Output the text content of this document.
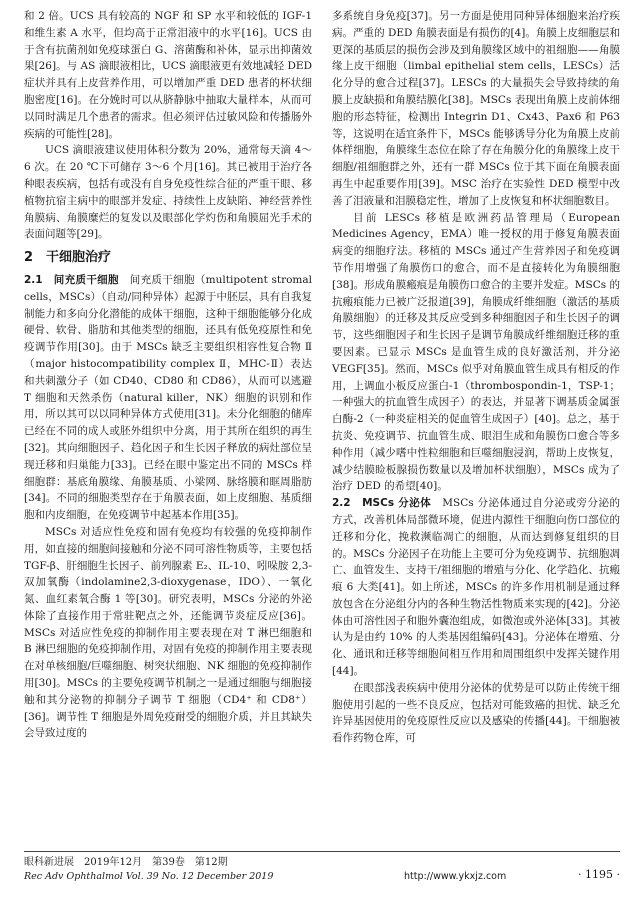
和 2 倍。UCS 具有较高的 NGF 和 SP 水平和较低的 IGF-1 和维生素 A 水平，但均高于正常泪液中的水平[16]。UCS 由于含有抗菌剂如免疫球蛋白 G、溶菌酶和补体，显示出抑菌效果[26]。与 AS 滴眼液相比，UCS 滴眼液更有效地减轻 DED 症状并具有上皮营养作用，可以增加严重 DED 患者的杯状细胞密度[16]。在分娩时可以从脐静脉中抽取大量样本，从而可以同时满足几个患者的需求。但必须评估过敏风险和传播肠外疾病的可能性[28]。

UCS 滴眼液建议使用体积分数为 20%，通常每天滴 4～6 次。在 20 ℃下可储存 3～6 个月[16]。其已被用于治疗各种眼表疾病，包括有或没有自身免疫性综合征的严重干眼、移植物抗宿主病中的眼部并发症、持续性上皮缺陷、神经营养性角膜病、角膜糜烂的复发以及眼部化学灼伤和角膜屈光手术的表面问题等[29]。

2　干细胞治疗

2.1　间充质干细胞　间充质干细胞（multipotent stromal cells，MSCs）（自动/同种异体）起源于中胚层，具有自我复制能力和多向分化潜能的成体干细胞，这种干细胞能够分化成硬骨、软骨、脂肪和其他类型的细胞，还具有低免疫原性和免疫调节作用[30]。由于 MSCs 缺乏主要组织相容性复合物 Ⅱ（major histocompatibility complex Ⅱ，MHC-Ⅱ）表达和共刺激分子（如 CD40、CD80 和 CD86），从而可以逃避 T 细胞和天然杀伤（natural killer，NK）细胞的识别和作用，所以其可以以同种异体方式使用[31]。未分化细胞的储库已经在不同的成人或胚外组织中分离，用于其所在组织的再生[32]。其向细胞因子、趋化因子和生长因子释放的病灶部位呈现迁移和归巢能力[33]。已经在眼中鉴定出不同的 MSCs 样细胞群：基底角膜缘、角膜基质、小梁网、脉络膜和眶周脂肪[34]。不同的细胞类型存在于角膜表面，如上皮细胞、基质细胞和内皮细胞，在免疫调节中起基本作用[35]。

MSCs 对适应性免疫和固有免疫均有较强的免疫抑制作用，如直接的细胞间接触和分泌不同可溶性物质等，主要包括 TGF-β、肝细胞生长因子、前列腺素 E₂、IL-10、吲哚胺 2,3-双加氧酶（indolamine2,3-dioxygenase，IDO）、一氧化氮、血红素氧合酶 1 等[30]。研究表明，MSCs 分泌的外泌体除了直接作用于常驻靶点之外，还能调节炎症反应[36]。MSCs 对适应性免疫的抑制作用主要表现在对 T 淋巴细胞和 B 淋巴细胞的免疫抑制作用，对固有免疫的抑制作用主要表现在对单核细胞/巨噬细胞、树突状细胞、NK 细胞的免疫抑制作用[30]。MSCs 的主要免疫调节机制之一是通过细胞与细胞接触和其分泌物的抑制分子调节 T 细胞（CD4⁺ 和 CD8⁺）[36]。调节性 T 细胞是外周免疫耐受的细胞介质，并且其缺失会导致过度的

多系统自身免疫[37]。另一方面是使用同种异体细胞来治疗疾病。严重的 DED 角膜表面是有损伤的[4]。角膜上皮细胞层和更深的基质层的损伤会涉及到角膜缘区域中的祖细胞——角膜缘上皮干细胞（limbal epithelial stem cells，LESCs）活化分导的愈合过程[37]。LESCs 的大量损失会导致持续的角膜上皮缺损和角膜结膜化[38]。MSCs 表现出角膜上皮前体细胞的形态特征，检测出 Integrin D1、Cx43、Pax6 和 P63 等，这说明在适宜条件下，MSCs 能够诱导分化为角膜上皮前体样细胞，角膜缘生态位在除了存在角膜分化的角膜缘上皮干细胞/祖细胞群之外，还有一群 MSCs 位于其下面在角膜表面再生中起重要作用[39]。MSC 治疗在实验性 DED 模型中改善了泪液量和泪膜稳定性，增加了上皮恢复和杯状细胞数目。

目前 LESCs 移植是欧洲药品管理局（European Medicines Agency，EMA）唯一授权的用于修复角膜表面病变的细胞疗法。移植的 MSCs 通过产生营养因子和免疫调节作用增强了角膜伤口的愈合，而不是直接转化为角膜细胞[38]。形成角膜瘢痕是角膜伤口愈合的主要并发症。MSCs 的抗瘢痕能力已被广泛报道[39]，角膜成纤维细胞（激活的基质角膜细胞）的迁移及其反应受到多种细胞因子和生长因子的调节，这些细胞因子和生长因子是调节角膜成纤维细胞迁移的重要因素。已显示 MSCs 是血管生成的良好激活剂，并分泌 VEGF[35]。然而，MSCs 似乎对角膜血管生成具有相反的作用，上调血小板反应蛋白-1（thrombospondin-1，TSP-1；一种强大的抗血管生成因子）的表达，并显著下调基质金属蛋白酶-2（一种炎症相关的促血管生成因子）[40]。总之，基于抗炎、免疫调节、抗血管生成、眼泪生成和角膜伤口愈合等多种作用（减少嗜中性粒细胞和巨噬细胞浸润，帮助上皮恢复，减少结膜睑板腺损伤数量以及增加杯状细胞），MSCs 成为了治疗 DED 的希望[40]。

2.2　MSCs 分泌体　MSCs 分泌体通过自分泌或旁分泌的方式，改善机体局部微环境，促进内源性干细胞向伤口部位的迁移和分化，挽救濒临凋亡的细胞，从而达到修复组织的目的。MSCs 分泌因子在功能上主要可分为免疫调节、抗细胞凋亡、血管发生、支持干/祖细胞的增殖与分化、化学趋化、抗瘢痕 6 大类[41]。如上所述，MSCs 的许多作用机制是通过释放包含在分泌组分内的各种生物活性物质来实现的[42]。分泌体由可溶性因子和胞外囊泡组成，如微泡或外泌体[33]。其被认为是由约 10% 的人类基因组编码[43]。分泌体在增殖、分化、通讯和迁移等细胞间相互作用和周围组织中发挥关键作用[44]。

在眼部浅表疾病中使用分泌体的优势是可以防止传统干细胞使用引起的一些不良反应，包括对可能致癌的担忧、缺乏允许异基因使用的免疫原性反应以及感染的传播[44]。干细胞被看作药物仓库，可

眼科新进展　2019年12月　第39卷　第12期
Rec Adv Ophthalmol Vol. 39 No. 12 December 2019	http://www.ykxjz.com	· 1195 ·
